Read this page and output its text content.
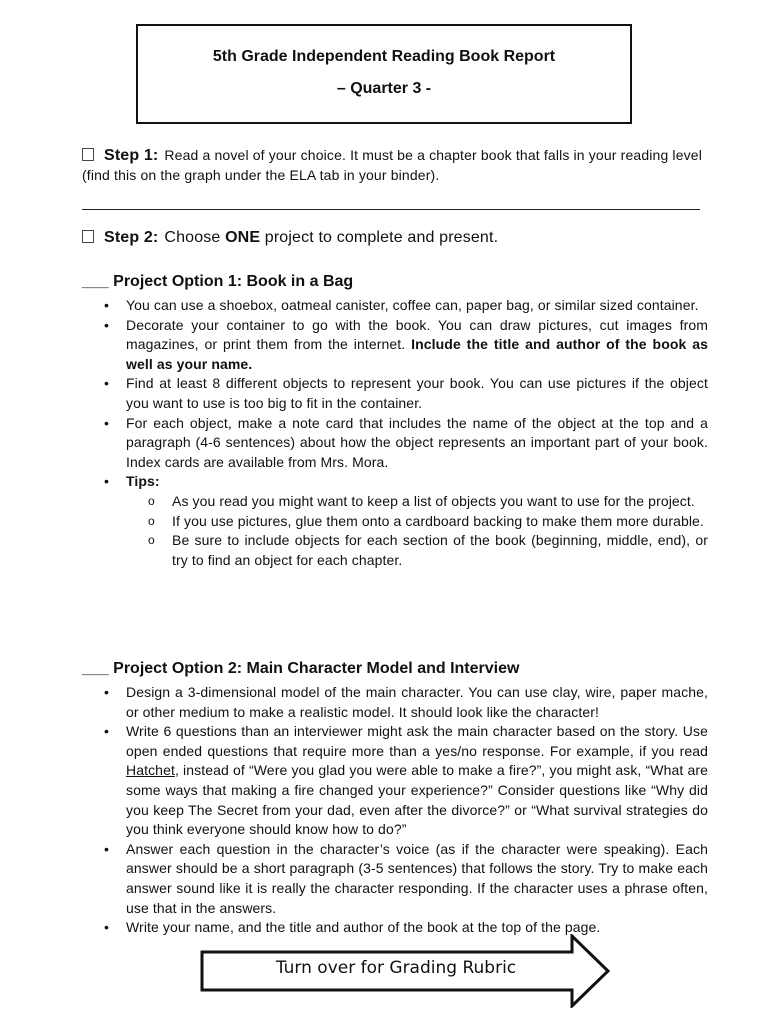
5th Grade Independent Reading Book Report
– Quarter 3 -
Step 1: Read a novel of your choice. It must be a chapter book that falls in your reading level (find this on the graph under the ELA tab in your binder).
Step 2: Choose ONE project to complete and present.
___ Project Option 1: Book in a Bag
• You can use a shoebox, oatmeal canister, coffee can, paper bag, or similar sized container.
• Decorate your container to go with the book. You can draw pictures, cut images from magazines, or print them from the internet. Include the title and author of the book as well as your name.
• Find at least 8 different objects to represent your book. You can use pictures if the object you want to use is too big to fit in the container.
• For each object, make a note card that includes the name of the object at the top and a paragraph (4-6 sentences) about how the object represents an important part of your book. Index cards are available from Mrs. Mora.
• Tips:
o As you read you might want to keep a list of objects you want to use for the project.
o If you use pictures, glue them onto a cardboard backing to make them more durable.
o Be sure to include objects for each section of the book (beginning, middle, end), or try to find an object for each chapter.
___ Project Option 2: Main Character Model and Interview
• Design a 3-dimensional model of the main character. You can use clay, wire, paper mache, or other medium to make a realistic model. It should look like the character!
• Write 6 questions than an interviewer might ask the main character based on the story. Use open ended questions that require more than a yes/no response. For example, if you read Hatchet, instead of “Were you glad you were able to make a fire?”, you might ask, “What are some ways that making a fire changed your experience?” Consider questions like “Why did you keep The Secret from your dad, even after the divorce?” or “What survival strategies do you think everyone should know how to do?”
• Answer each question in the character’s voice (as if the character were speaking). Each answer should be a short paragraph (3-5 sentences) that follows the story. Try to make each answer sound like it is really the character responding. If the character uses a phrase often, use that in the answers.
• Write your name, and the title and author of the book at the top of the page.
Turn over for Grading Rubric
